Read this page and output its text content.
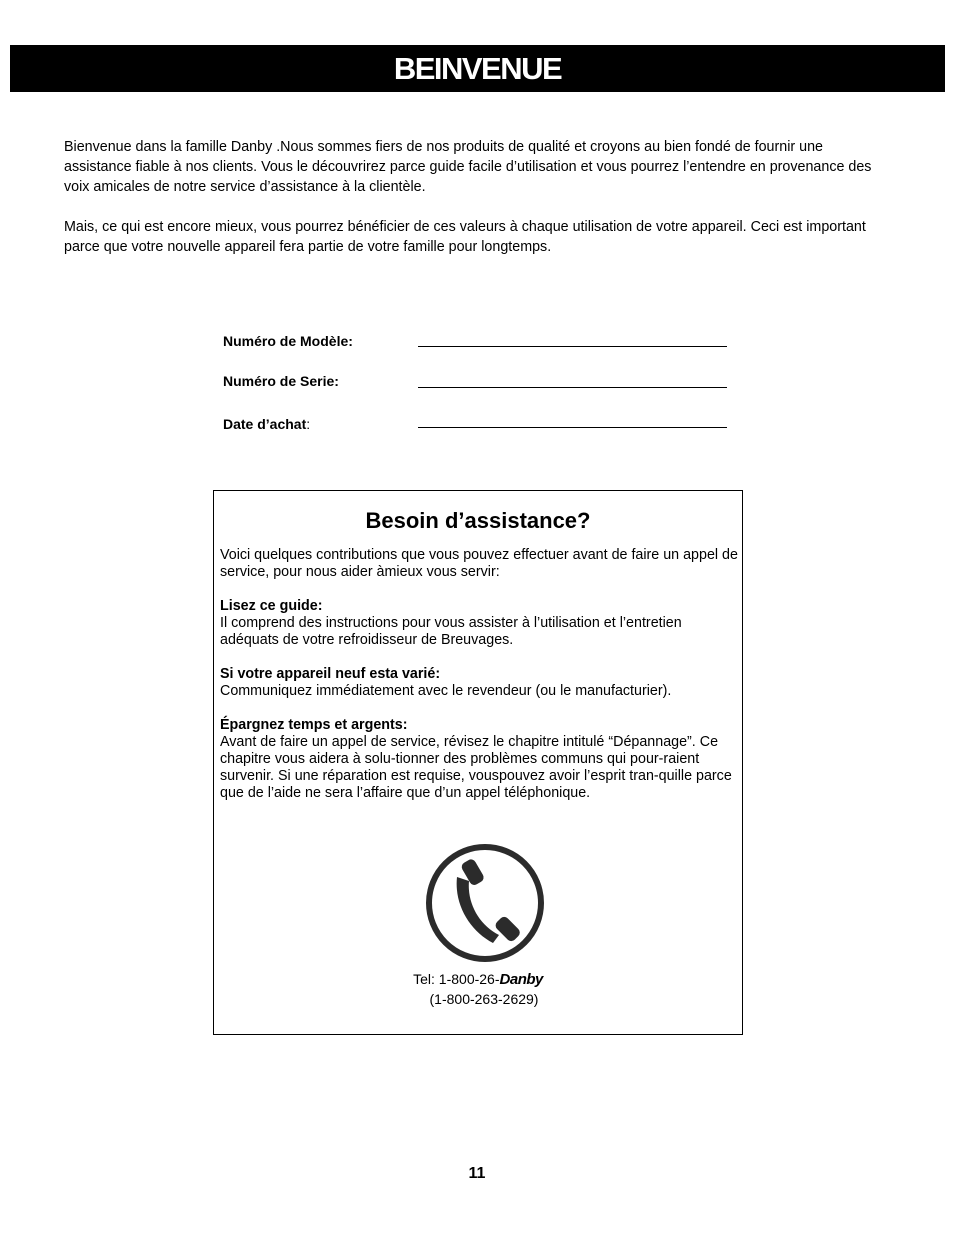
BEINVENUE

Bienvenue dans la famille Danby .Nous sommes fiers de nos produits de qualité et croyons au bien fondé de fournir une assistance fiable à nos clients. Vous le découvrirez parce guide facile d’utilisation et vous pourrez l’entendre en provenance des voix amicales de notre service d’assistance à la clientèle.

Mais, ce qui est encore mieux, vous pourrez bénéficier de ces valeurs à chaque utilisation de votre appareil. Ceci est important parce que votre nouvelle appareil fera partie de votre famille pour longtemps.

Numéro de Modèle:
Numéro de Serie:
Date d’achat:
Besoin d’assistance?

Voici quelques contributions que vous pouvez effectuer avant de faire un appel de service, pour nous aider àmieux vous servir:

Lisez ce guide:
Il comprend des instructions pour vous assister à l’utilisation et l’entretien adéquats de votre refroidisseur de Breuvages.

Si votre appareil neuf esta varié:
Communiquez immédiatement avec le revendeur (ou le manufacturier).

Épargnez temps et argents:
Avant de faire un appel de service, révisez le chapitre intitulé “Dépannage”. Ce chapitre vous aidera à solu-tionner des problèmes communs qui pour-raient survenir. Si une réparation est requise, vouspouvez avoir l’esprit tran-quille parce que de l’aide ne sera l’affaire que d’un appel téléphonique.

Tel: 1-800-26-Danby
(1-800-263-2629)
11
